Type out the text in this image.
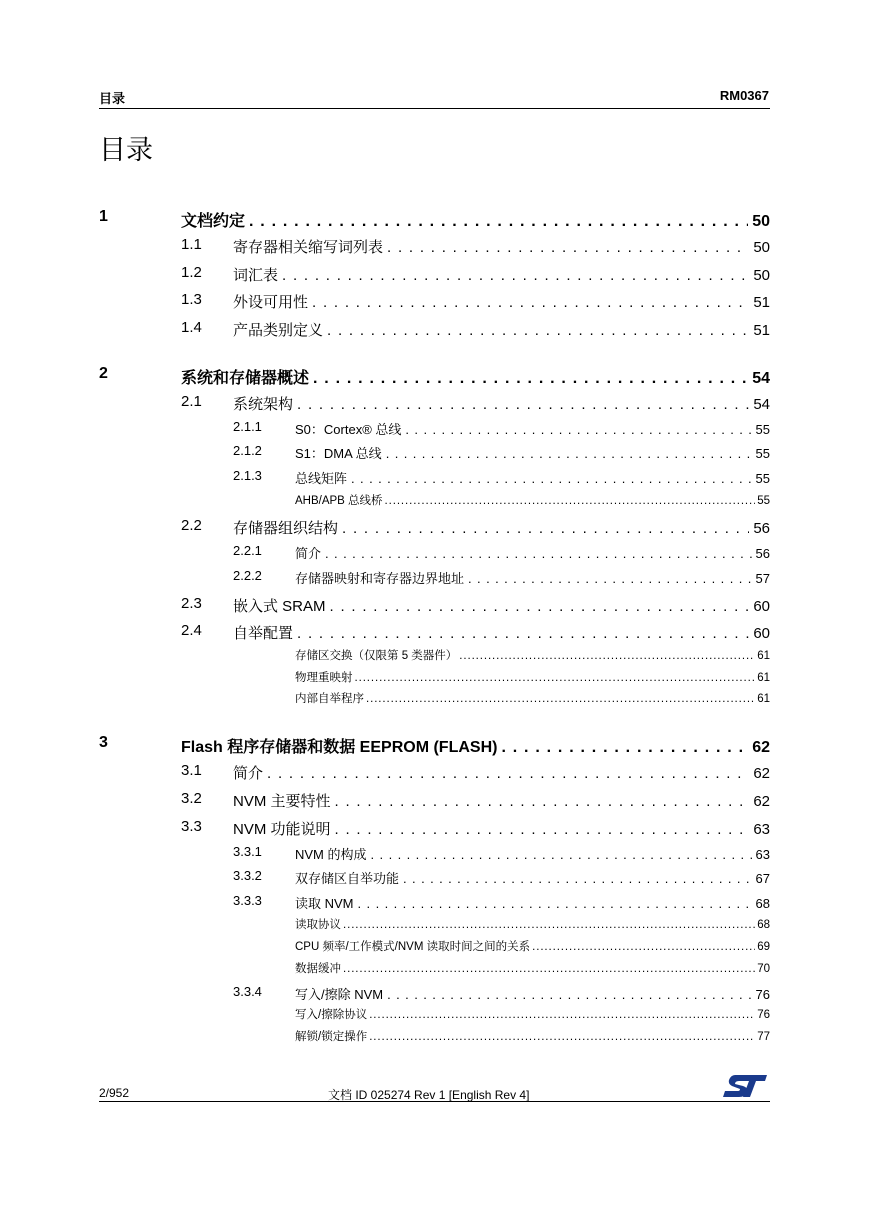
目录	RM0367
目录
1	文档约定 . . .	50
1.1 寄存器相关缩写词列表 . . .	50
1.2 词汇表 . . .	50
1.3 外设可用性 . . .	51
1.4 产品类别定义 . . .	51
2	系统和存储器概述 . . .	54
2.1 系统架构 . . .	54
2.1.1	S0：Cortex® 总线 . . .	55
2.1.2	S1：DMA 总线 . . .	55
2.1.3	总线矩阵 . . .	55
AHB/APB 总线桥 .....	55
2.2 存储器组织结构 . . .	56
2.2.1	简介 . . .	56
2.2.2	存储器映射和寄存器边界地址 . . .	57
2.3 嵌入式 SRAM . . .	60
2.4 自举配置 . . .	60
存储区交换（仅限第 5 类器件） .....	61
物理重映射 .....	61
内部自举程序 .....	61
3	Flash 程序存储器和数据 EEPROM (FLASH) . . .	62
3.1 简介 . . .	62
3.2 NVM 主要特性 . . .	62
3.3 NVM 功能说明 . . .	63
3.3.1	NVM 的构成 . . .	63
3.3.2	双存储区自举功能 . . .	67
3.3.3	读取 NVM . . .	68
读取协议 .....	68
CPU 频率/工作模式/NVM 读取时间之间的关系 .....	69
数据缓冲 .....	70
3.3.4	写入/擦除 NVM . . .	76
写入/擦除协议 .....	76
解锁/锁定操作 .....	77
2/952	文档 ID 025274 Rev 1 [English Rev 4]
